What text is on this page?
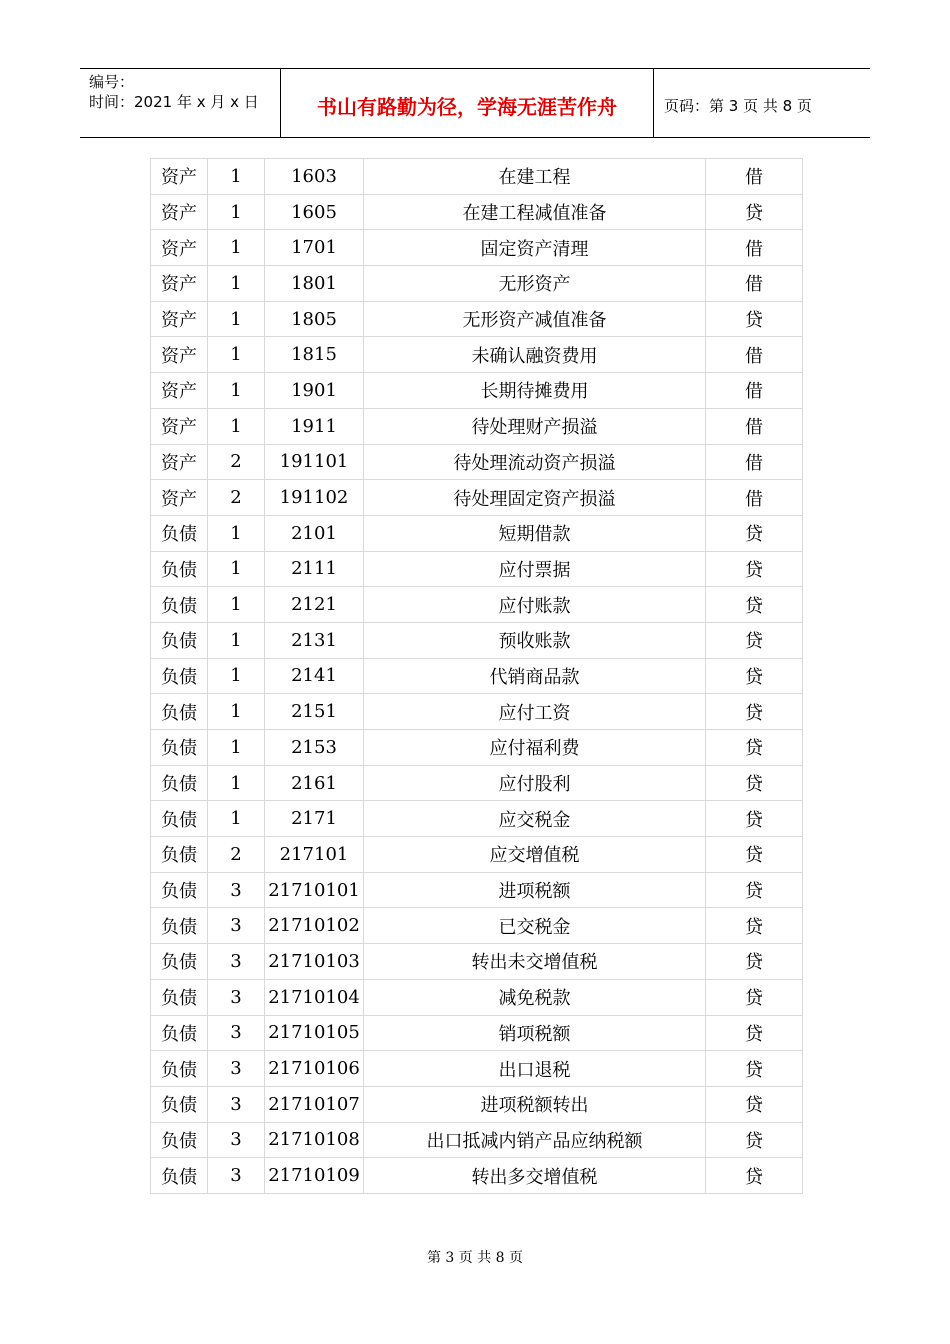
编号：
时间：2021 年 x 月 x 日	书山有路勤为径，学海无涯苦作舟	页码：第 3 页 共 8 页
资产	1	1603	在建工程	借
资产	1	1605	在建工程减值准备	贷
资产	1	1701	固定资产清理	借
资产	1	1801	无形资产	借
资产	1	1805	无形资产减值准备	贷
资产	1	1815	未确认融资费用	借
资产	1	1901	长期待摊费用	借
资产	1	1911	待处理财产损溢	借
资产	2	191101	待处理流动资产损溢	借
资产	2	191102	待处理固定资产损溢	借
负债	1	2101	短期借款	贷
负债	1	2111	应付票据	贷
负债	1	2121	应付账款	贷
负债	1	2131	预收账款	贷
负债	1	2141	代销商品款	贷
负债	1	2151	应付工资	贷
负债	1	2153	应付福利费	贷
负债	1	2161	应付股利	贷
负债	1	2171	应交税金	贷
负债	2	217101	应交增值税	贷
负债	3	21710101	进项税额	贷
负债	3	21710102	已交税金	贷
负债	3	21710103	转出未交增值税	贷
负债	3	21710104	减免税款	贷
负债	3	21710105	销项税额	贷
负债	3	21710106	出口退税	贷
负债	3	21710107	进项税额转出	贷
负债	3	21710108	出口抵减内销产品应纳税额	贷
负债	3	21710109	转出多交增值税	贷
第 3 页 共 8 页
